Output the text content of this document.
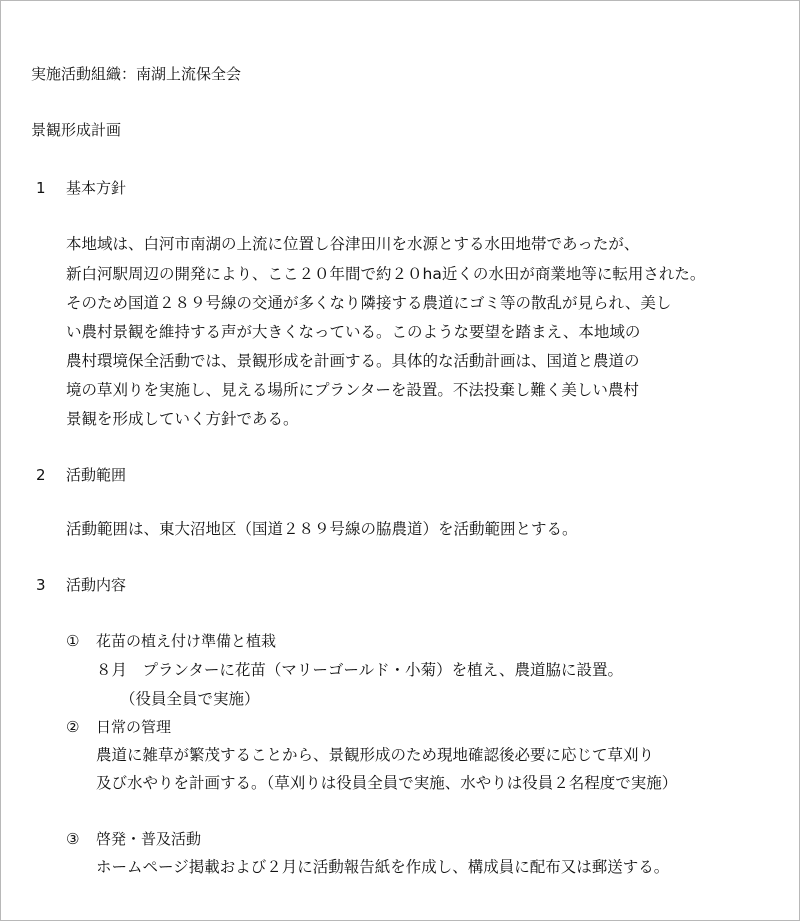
実施活動組織：南湖上流保全会
景観形成計画
1 基本方針
本地域は、白河市南湖の上流に位置し谷津田川を水源とする水田地帯であったが、
新白河駅周辺の開発により、ここ２０年間で約２０ha近くの水田が商業地等に転用された。
そのため国道２８９号線の交通が多くなり隣接する農道にゴミ等の散乱が見られ、美し
い農村景観を維持する声が大きくなっている。このような要望を踏まえ、本地域の
農村環境保全活動では、景観形成を計画する。具体的な活動計画は、国道と農道の
境の草刈りを実施し、見える場所にプランターを設置。不法投棄し難く美しい農村
景観を形成していく方針である。
2 活動範囲
活動範囲は、東大沼地区（国道２８９号線の脇農道）を活動範囲とする。
3 活動内容
① 花苗の植え付け準備と植栽
８月　プランターに花苗（マリーゴールド・小菊）を植え、農道脇に設置。
（役員全員で実施）
② 日常の管理
農道に雑草が繁茂することから、景観形成のため現地確認後必要に応じて草刈り
及び水やりを計画する。（草刈りは役員全員で実施、水やりは役員２名程度で実施）
③ 啓発・普及活動
ホームページ掲載および２月に活動報告紙を作成し、構成員に配布又は郵送する。
